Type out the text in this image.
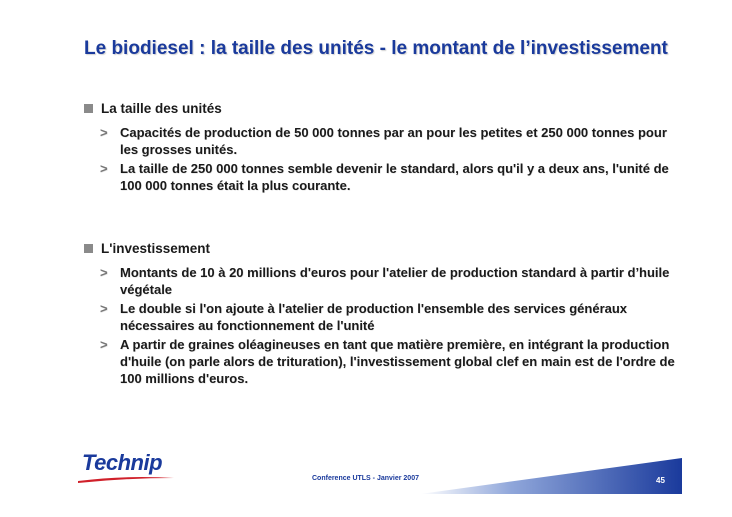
Le biodiesel : la taille des unités - le montant de l’investissement
La taille des unités
> Capacités de production de 50 000 tonnes par an pour les petites et 250 000 tonnes pour les grosses unités.
> La taille de 250 000 tonnes semble devenir le standard, alors qu'il y a deux ans, l'unité de 100 000 tonnes était la plus courante.
L'investissement
> Montants de 10 à 20 millions d'euros pour l'atelier de production standard à partir d’huile végétale
> Le double si l'on ajoute à l'atelier de production l'ensemble des services généraux nécessaires au fonctionnement de l'unité
> A partir de graines oléagineuses en tant que matière première, en intégrant la production d'huile (on parle alors de trituration), l'investissement global clef en main est de l'ordre de 100 millions d'euros.
Technip
Conference UTLS - Janvier 2007	45
